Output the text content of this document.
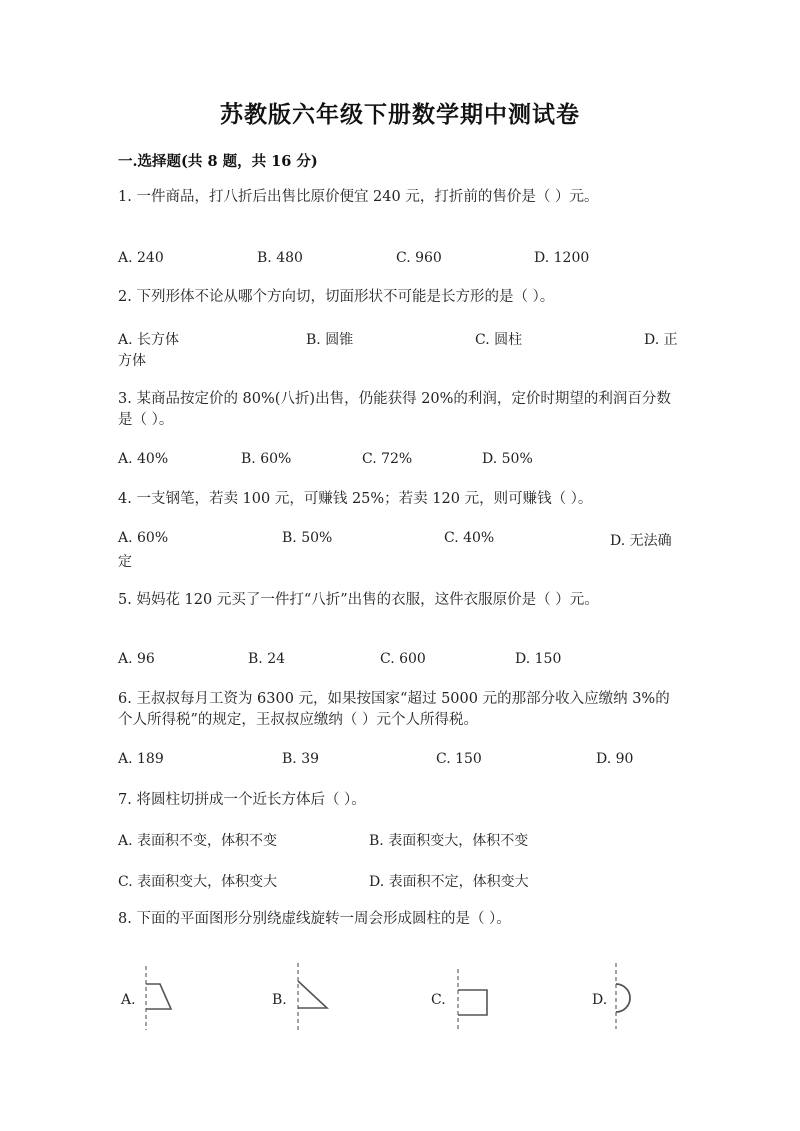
苏教版六年级下册数学期中测试卷
一.选择题(共 8 题，共 16 分)
1. 一件商品，打八折后出售比原价便宜 240 元，打折前的售价是（ ）元。
A. 240	B. 480	C. 960	D. 1200
2. 下列形体不论从哪个方向切，切面形状不可能是长方形的是（ ）。
A. 长方体	B. 圆锥	C. 圆柱	D. 正
方体
3. 某商品按定价的 80%(八折)出售，仍能获得 20%的利润，定价时期望的利润百分数是（ ）。
A. 40%	B. 60%	C. 72%	D. 50%
4. 一支钢笔，若卖 100 元，可赚钱 25%；若卖 120 元，则可赚钱（ ）。
A. 60%	B. 50%	C. 40%	D. 无法确
定
5. 妈妈花 120 元买了一件打“八折”出售的衣服，这件衣服原价是（ ）元。
A. 96	B. 24	C. 600	D. 150
6. 王叔叔每月工资为 6300 元，如果按国家“超过 5000 元的那部分收入应缴纳 3%的个人所得税”的规定，王叔叔应缴纳（ ）元个人所得税。
A. 189	B. 39	C. 150	D. 90
7. 将圆柱切拼成一个近长方体后（ ）。
A. 表面积不变，体积不变	B. 表面积变大，体积不变
C. 表面积变大，体积变大	D. 表面积不定，体积变大
8. 下面的平面图形分别绕虚线旋转一周会形成圆柱的是（ ）。
A.	B.	C.	D.
